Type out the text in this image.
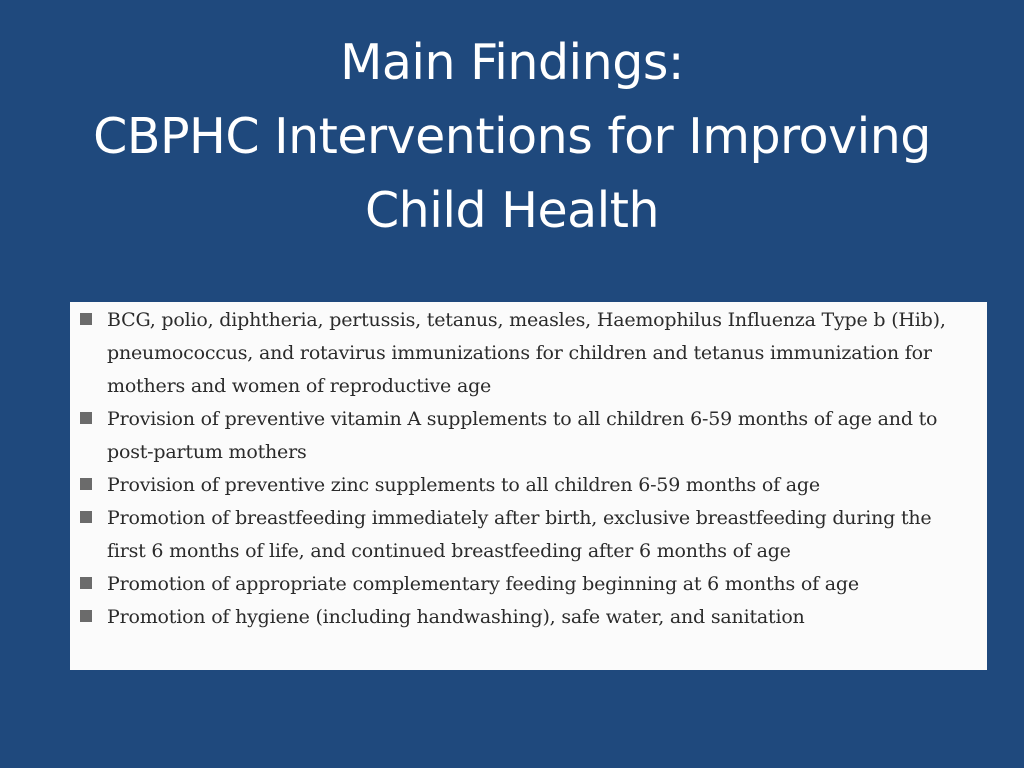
Main Findings:
CBPHC Interventions for Improving
Child Health
BCG, polio, diphtheria, pertussis, tetanus, measles, Haemophilus Influenza Type b (Hib), pneumococcus, and rotavirus immunizations for children and tetanus immunization for mothers and women of reproductive age
Provision of preventive vitamin A supplements to all children 6-59 months of age and to post-partum mothers
Provision of preventive zinc supplements to all children 6-59 months of age
Promotion of breastfeeding immediately after birth, exclusive breastfeeding during the first 6 months of life, and continued breastfeeding after 6 months of age
Promotion of appropriate complementary feeding beginning at 6 months of age
Promotion of hygiene (including handwashing), safe water, and sanitation
